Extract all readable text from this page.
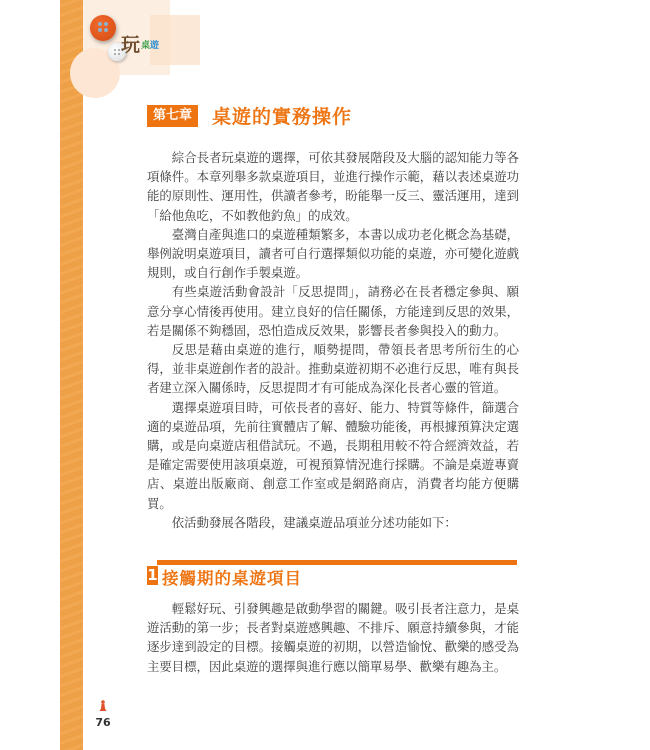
玩 桌遊
第七章	桌遊的實務操作

綜合長者玩桌遊的選擇，可依其發展階段及大腦的認知能力等各項條件。本章列舉多款桌遊項目，並進行操作示範，藉以表述桌遊功能的原則性、運用性，供讀者參考，盼能舉一反三、靈活運用，達到「給他魚吃，不如教他釣魚」的成效。

臺灣自產與進口的桌遊種類繁多，本書以成功老化概念為基礎，舉例說明桌遊項目，讀者可自行選擇類似功能的桌遊，亦可變化遊戲規則，或自行創作手製桌遊。

有些桌遊活動會設計「反思提問」，請務必在長者穩定參與、願意分享心情後再使用。建立良好的信任關係，方能達到反思的效果，若是關係不夠穩固，恐怕造成反效果，影響長者參與投入的動力。

反思是藉由桌遊的進行，順勢提問，帶領長者思考所衍生的心得，並非桌遊創作者的設計。推動桌遊初期不必進行反思，唯有與長者建立深入關係時，反思提問才有可能成為深化長者心靈的管道。

選擇桌遊項目時，可依長者的喜好、能力、特質等條件，篩選合適的桌遊品項，先前往實體店了解、體驗功能後，再根據預算決定選購，或是向桌遊店租借試玩。不過，長期租用較不符合經濟效益，若是確定需要使用該項桌遊，可視預算情況進行採購。不論是桌遊專賣店、桌遊出版廠商、創意工作室或是網路商店，消費者均能方便購買。

依活動發展各階段，建議桌遊品項並分述功能如下：

1 接觸期的桌遊項目

輕鬆好玩、引發興趣是啟動學習的關鍵。吸引長者注意力，是桌遊活動的第一步；長者對桌遊感興趣、不排斥、願意持續參與，才能逐步達到設定的目標。接觸桌遊的初期，以營造愉悅、歡樂的感受為主要目標，因此桌遊的選擇與進行應以簡單易學、歡樂有趣為主。

76
